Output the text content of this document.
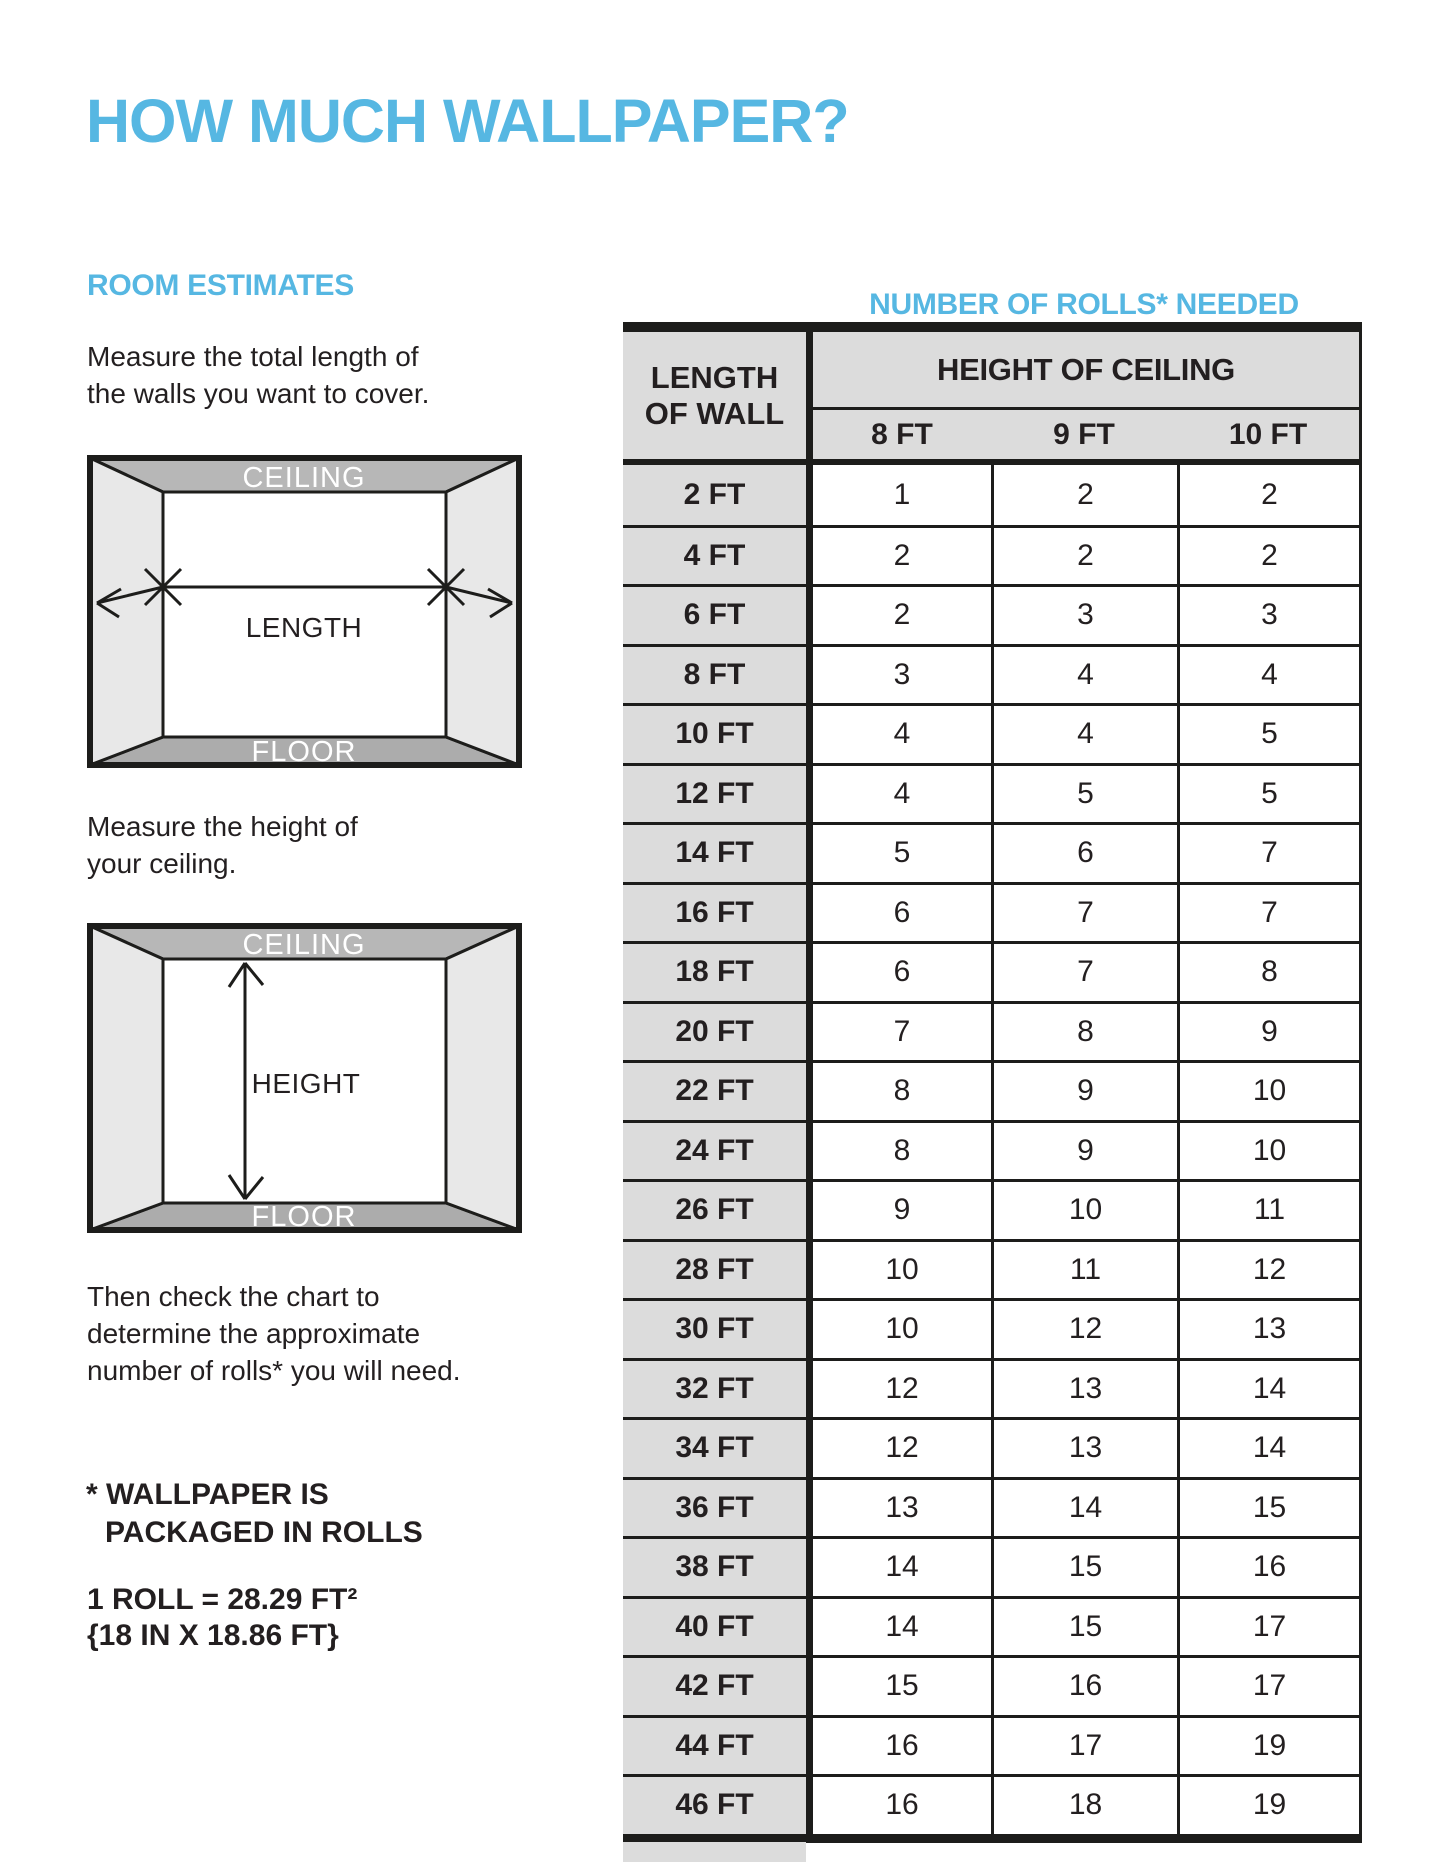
HOW MUCH WALLPAPER?
ROOM ESTIMATES
NUMBER OF ROLLS* NEEDED
Measure the total length of
the walls you want to cover.
CEILING
FLOOR
LENGTH
Measure the height of
your ceiling.
CEILING
FLOOR
HEIGHT
Then check the chart to
determine the approximate
number of rolls* you will need.
* WALLPAPER IS
PACKAGED IN ROLLS
1 ROLL = 28.29 FT²
{18 IN X 18.86 FT}
LENGTH
OF WALL
HEIGHT OF CEILING
8 FT	9 FT	10 FT
2 FT	1	2	2
4 FT	2	2	2
6 FT	2	3	3
8 FT	3	4	4
10 FT	4	4	5
12 FT	4	5	5
14 FT	5	6	7
16 FT	6	7	7
18 FT	6	7	8
20 FT	7	8	9
22 FT	8	9	10
24 FT	8	9	10
26 FT	9	10	11
28 FT	10	11	12
30 FT	10	12	13
32 FT	12	13	14
34 FT	12	13	14
36 FT	13	14	15
38 FT	14	15	16
40 FT	14	15	17
42 FT	15	16	17
44 FT	16	17	19
46 FT	16	18	19
